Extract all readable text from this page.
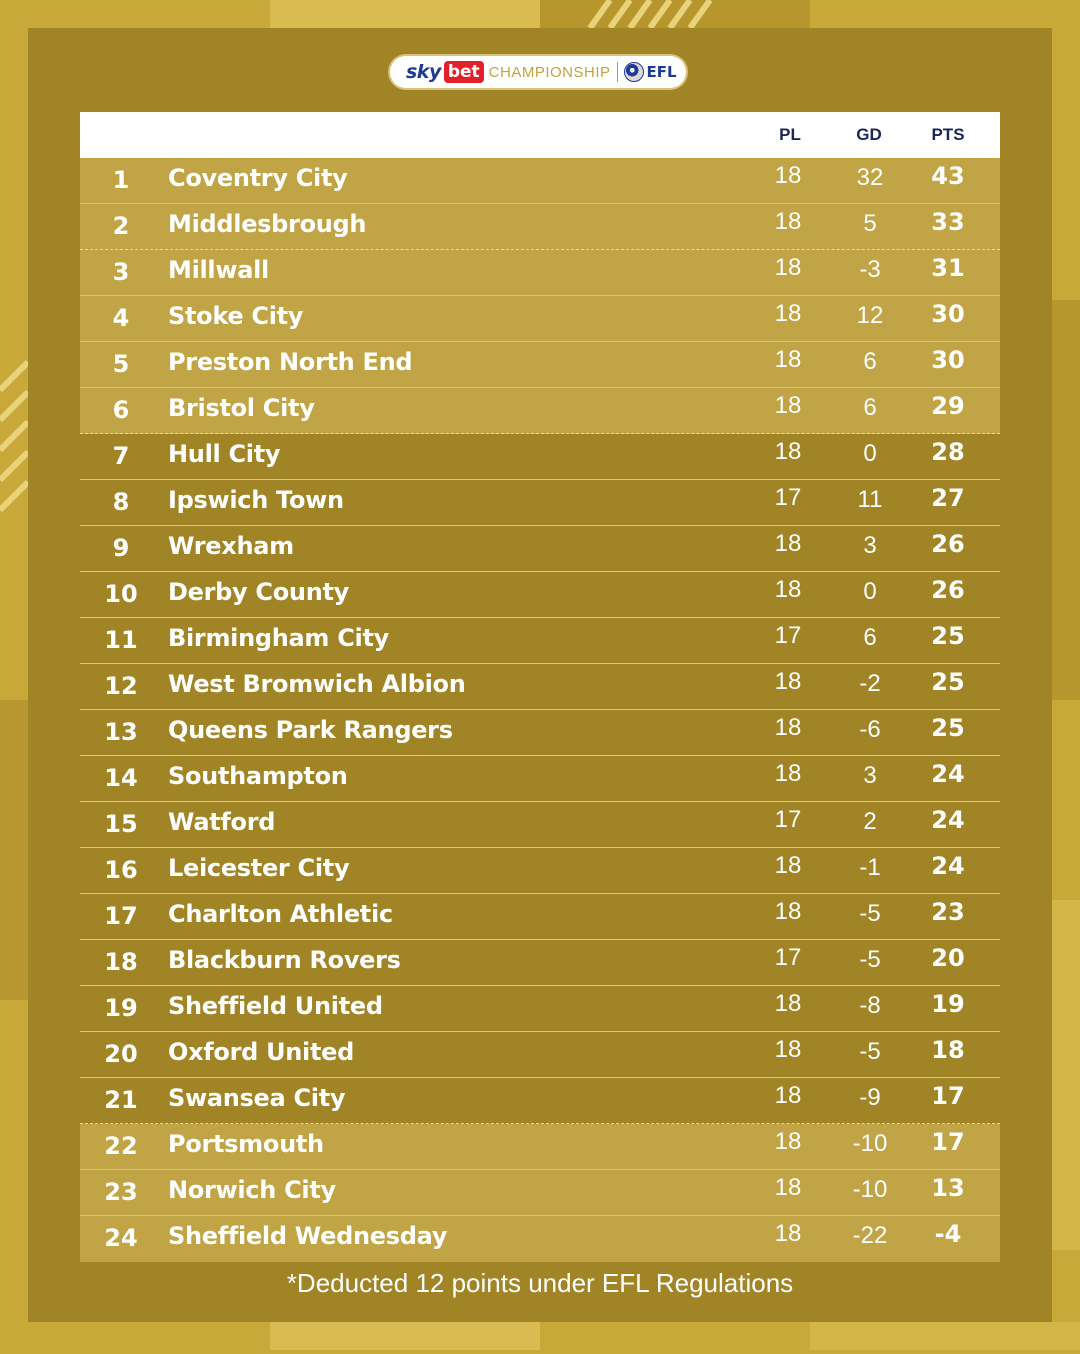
sky bet CHAMPIONSHIP EFL
PL	GD	PTS
1	Coventry City	18	32	43
2	Middlesbrough	18	5	33
3	Millwall	18	-3	31
4	Stoke City	18	12	30
5	Preston North End	18	6	30
6	Bristol City	18	6	29
7	Hull City	18	0	28
8	Ipswich Town	17	11	27
9	Wrexham	18	3	26
10	Derby County	18	0	26
11	Birmingham City	17	6	25
12	West Bromwich Albion	18	-2	25
13	Queens Park Rangers	18	-6	25
14	Southampton	18	3	24
15	Watford	17	2	24
16	Leicester City	18	-1	24
17	Charlton Athletic	18	-5	23
18	Blackburn Rovers	17	-5	20
19	Sheffield United	18	-8	19
20	Oxford United	18	-5	18
21	Swansea City	18	-9	17
22	Portsmouth	18	-10	17
23	Norwich City	18	-10	13
24	Sheffield Wednesday	18	-22	-4
*Deducted 12 points under EFL Regulations
